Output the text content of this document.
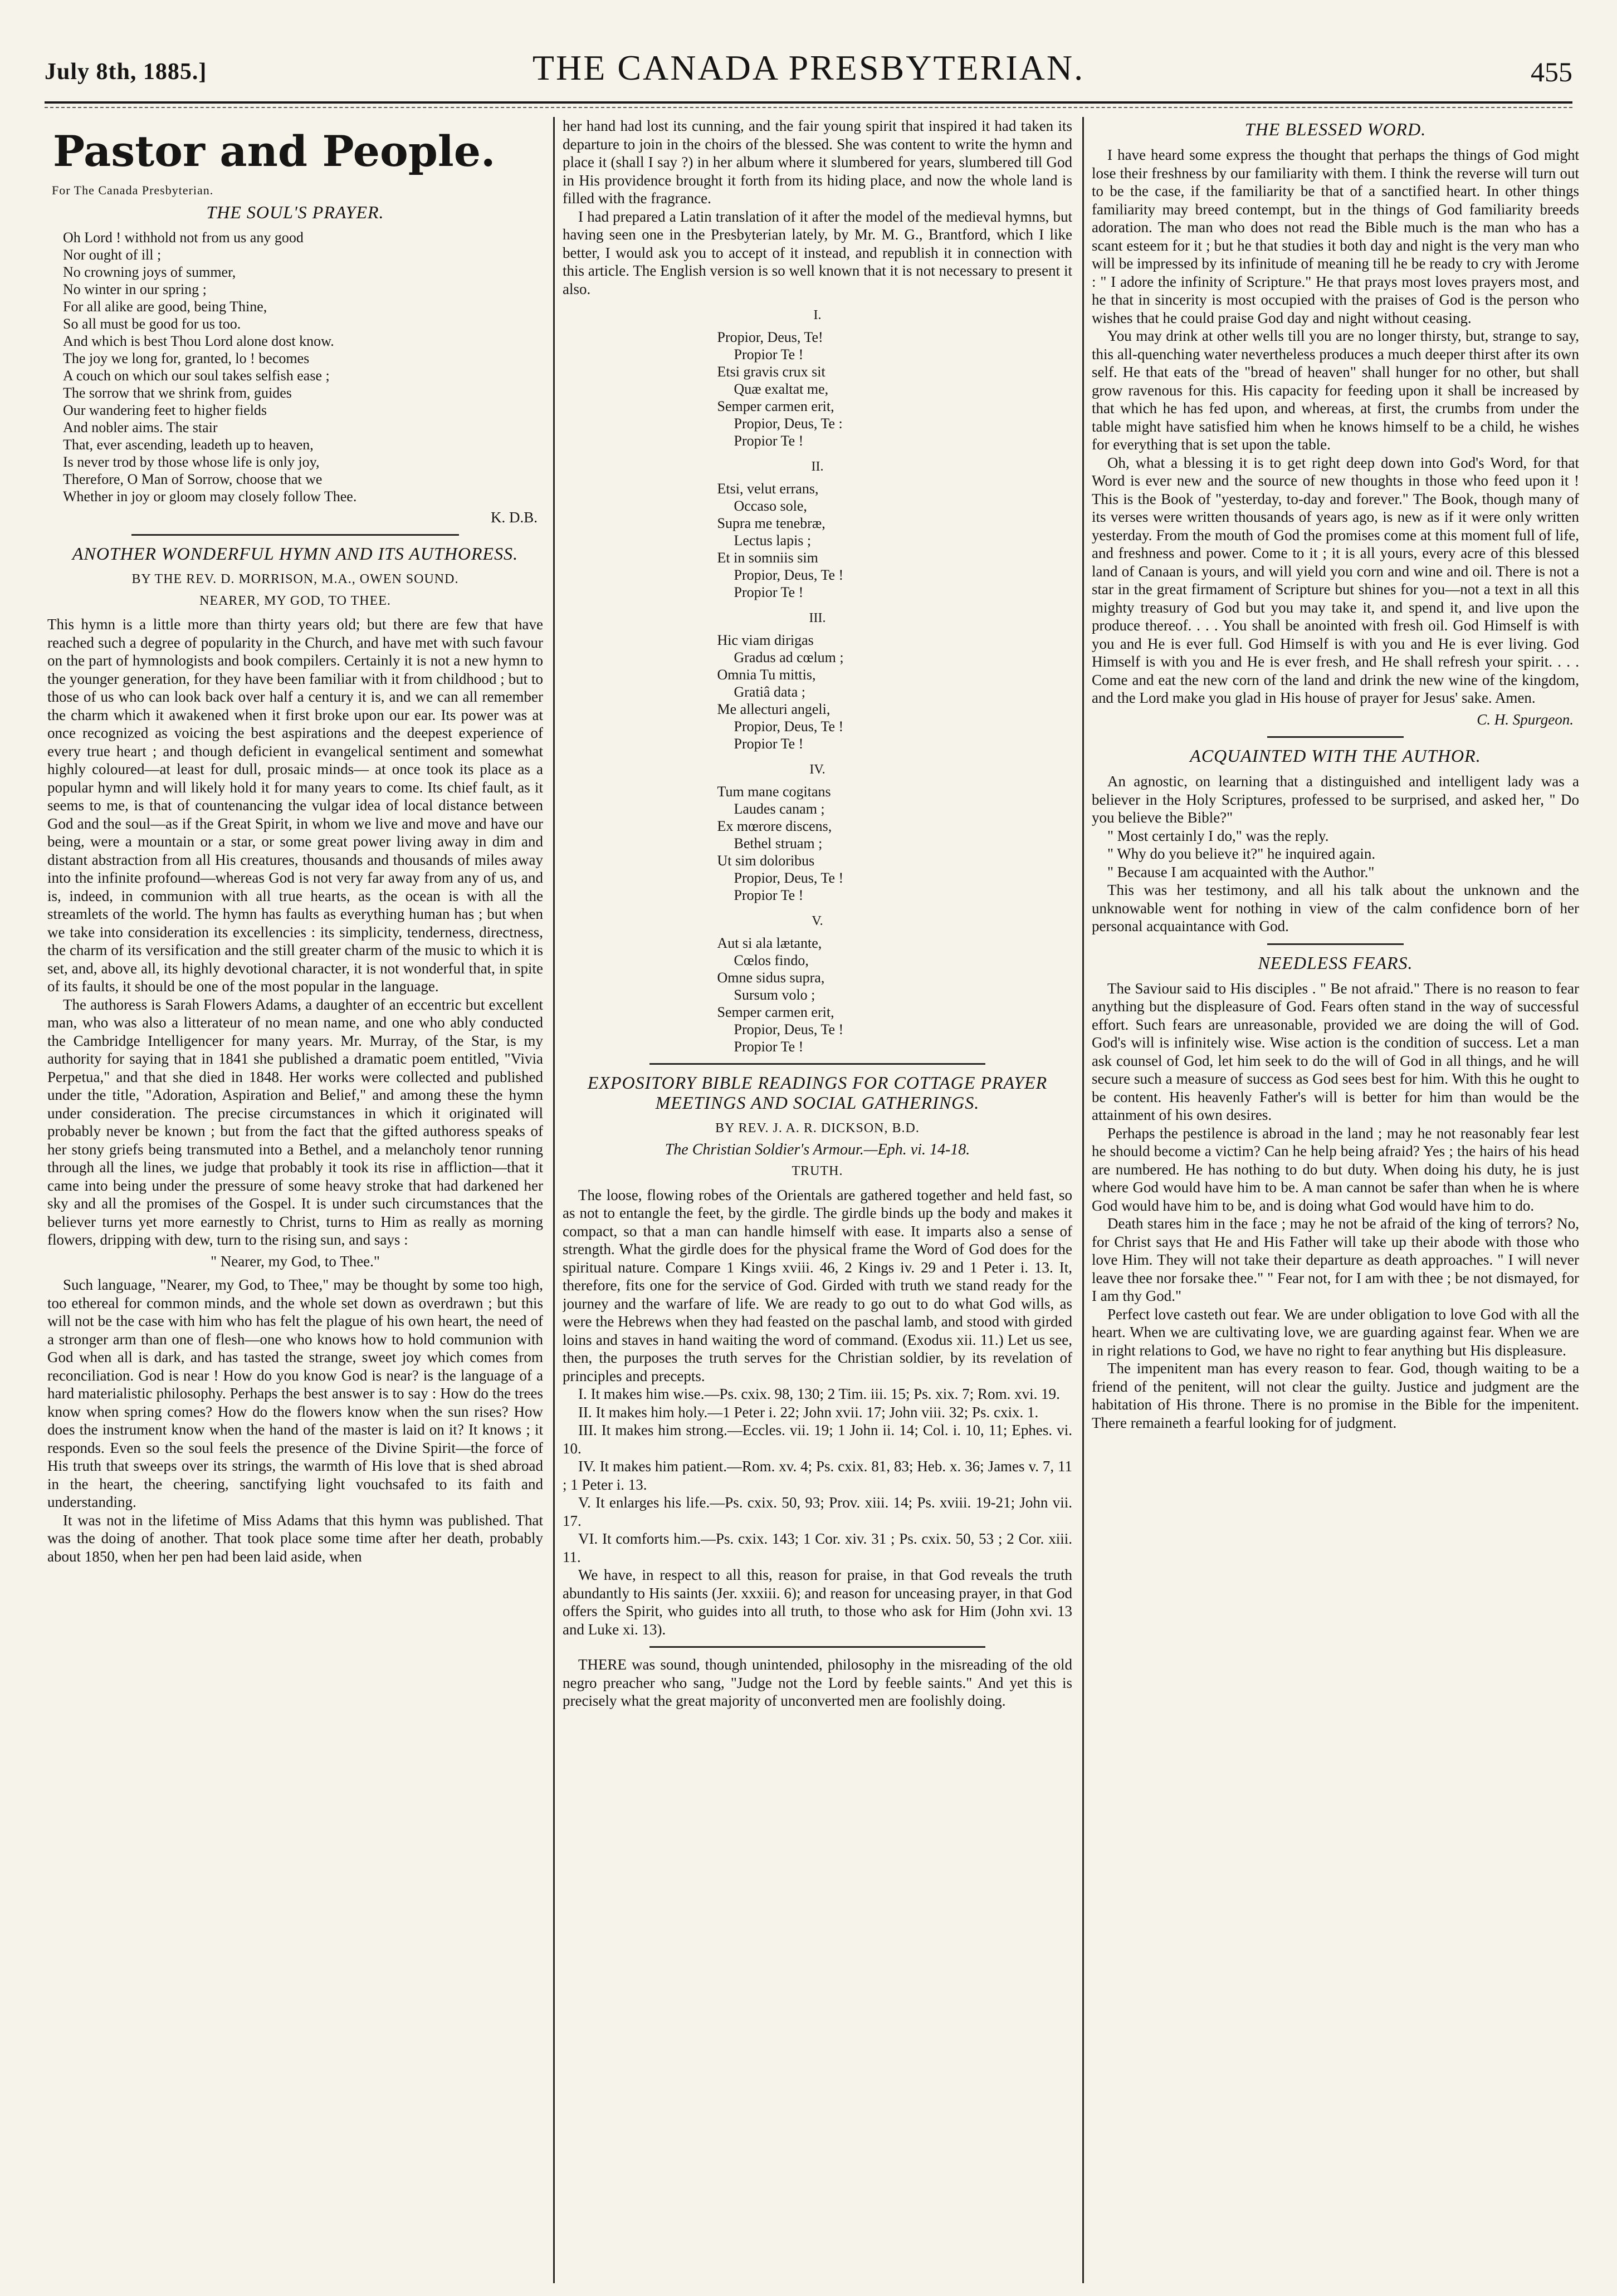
July 8th, 1885.]	THE CANADA PRESBYTERIAN.	455
Pastor and People.
For The Canada Presbyterian.
THE SOUL'S PRAYER.

Oh Lord ! withhold not from us any good

Nor ought of ill ;

No crowning joys of summer,

No winter in our spring ;

For all alike are good, being Thine,

So all must be good for us too.

And which is best Thou Lord alone dost know.

The joy we long for, granted, lo ! becomes

A couch on which our soul takes selfish ease ;

The sorrow that we shrink from, guides

Our wandering feet to higher fields

And nobler aims. The stair

That, ever ascending, leadeth up to heaven,

Is never trod by those whose life is only joy,

Therefore, O Man of Sorrow, choose that we

Whether in joy or gloom may closely follow Thee.

K. D.B.
ANOTHER WONDERFUL HYMN AND ITS AUTHORESS.
BY THE REV. D. MORRISON, M.A., OWEN SOUND.
NEARER, MY GOD, TO THEE.

This hymn is a little more than thirty years old; but there are few that have reached such a degree of popularity in the Church, and have met with such favour on the part of hymnologists and book compilers. Certainly it is not a new hymn to the younger generation, for they have been familiar with it from childhood ; but to those of us who can look back over half a century it is, and we can all remember the charm which it awakened when it first broke upon our ear. Its power was at once recognized as voicing the best aspirations and the deepest experience of every true heart ; and though deficient in evangelical sentiment and somewhat highly coloured—at least for dull, prosaic minds— at once took its place as a popular hymn and will likely hold it for many years to come. Its chief fault, as it seems to me, is that of countenancing the vulgar idea of local distance between God and the soul—as if the Great Spirit, in whom we live and move and have our being, were a mountain or a star, or some great power living away in dim and distant abstraction from all His creatures, thousands and thousands of miles away into the infinite profound—whereas God is not very far away from any of us, and is, indeed, in communion with all true hearts, as the ocean is with all the streamlets of the world. The hymn has faults as everything human has ; but when we take into consideration its excellencies : its simplicity, tenderness, directness, the charm of its versification and the still greater charm of the music to which it is set, and, above all, its highly devotional character, it is not wonderful that, in spite of its faults, it should be one of the most popular in the language.

The authoress is Sarah Flowers Adams, a daughter of an eccentric but excellent man, who was also a litterateur of no mean name, and one who ably conducted the Cambridge Intelligencer for many years. Mr. Murray, of the Star, is my authority for saying that in 1841 she published a dramatic poem entitled, "Vivia Perpetua," and that she died in 1848. Her works were collected and published under the title, "Adoration, Aspiration and Belief," and among these the hymn under consideration. The precise circumstances in which it originated will probably never be known ; but from the fact that the gifted authoress speaks of her stony griefs being transmuted into a Bethel, and a melancholy tenor running through all the lines, we judge that probably it took its rise in affliction—that it came into being under the pressure of some heavy stroke that had darkened her sky and all the promises of the Gospel. It is under such circumstances that the believer turns yet more earnestly to Christ, turns to Him as really as morning flowers, dripping with dew, turn to the rising sun, and says :

" Nearer, my God, to Thee."

Such language, "Nearer, my God, to Thee," may be thought by some too high, too ethereal for common minds, and the whole set down as overdrawn ; but this will not be the case with him who has felt the plague of his own heart, the need of a stronger arm than one of flesh—one who knows how to hold communion with God when all is dark, and has tasted the strange, sweet joy which comes from reconciliation. God is near ! How do you know God is near? is the language of a hard materialistic philosophy. Perhaps the best answer is to say : How do the trees know when spring comes? How do the flowers know when the sun rises? How does the instrument know when the hand of the master is laid on it? It knows ; it responds. Even so the soul feels the presence of the Divine Spirit—the force of His truth that sweeps over its strings, the warmth of His love that is shed abroad in the heart, the cheering, sanctifying light vouchsafed to its faith and understanding.

It was not in the lifetime of Miss Adams that this hymn was published. That was the doing of another. That took place some time after her death, probably about 1850, when her pen had been laid aside, when

her hand had lost its cunning, and the fair young spirit that inspired it had taken its departure to join in the choirs of the blessed. She was content to write the hymn and place it (shall I say ?) in her album where it slumbered for years, slumbered till God in His providence brought it forth from its hiding place, and now the whole land is filled with the fragrance.

I had prepared a Latin translation of it after the model of the medieval hymns, but having seen one in the Presbyterian lately, by Mr. M. G., Brantford, which I like better, I would ask you to accept of it instead, and republish it in connection with this article. The English version is so well known that it is not necessary to present it also.

I.

Propior, Deus, Te!

Propior Te !

Etsi gravis crux sit

Quæ exaltat me,

Semper carmen erit,

Propior, Deus, Te :

Propior Te !

II.

Etsi, velut errans,

Occaso sole,

Supra me tenebræ,

Lectus lapis ;

Et in somniis sim

Propior, Deus, Te !

Propior Te !

III.

Hic viam dirigas

Gradus ad cœlum ;

Omnia Tu mittis,

Gratiâ data ;

Me allecturi angeli,

Propior, Deus, Te !

Propior Te !

IV.

Tum mane cogitans

Laudes canam ;

Ex mœrore discens,

Bethel struam ;

Ut sim doloribus

Propior, Deus, Te !

Propior Te !

V.

Aut si ala lætante,

Cœlos findo,

Omne sidus supra,

Sursum volo ;

Semper carmen erit,

Propior, Deus, Te !

Propior Te !

EXPOSITORY BIBLE READINGS FOR COTTAGE PRAYER MEETINGS AND SOCIAL GATHERINGS.
BY REV. J. A. R. DICKSON, B.D.
The Christian Soldier's Armour.—Eph. vi. 14-18.
TRUTH.

The loose, flowing robes of the Orientals are gathered together and held fast, so as not to entangle the feet, by the girdle. The girdle binds up the body and makes it compact, so that a man can handle himself with ease. It imparts also a sense of strength. What the girdle does for the physical frame the Word of God does for the spiritual nature. Compare 1 Kings xviii. 46, 2 Kings iv. 29 and 1 Peter i. 13. It, therefore, fits one for the service of God. Girded with truth we stand ready for the journey and the warfare of life. We are ready to go out to do what God wills, as were the Hebrews when they had feasted on the paschal lamb, and stood with girded loins and staves in hand waiting the word of command. (Exodus xii. 11.) Let us see, then, the purposes the truth serves for the Christian soldier, by its revelation of principles and precepts.

I. It makes him wise.—Ps. cxix. 98, 130; 2 Tim. iii. 15; Ps. xix. 7; Rom. xvi. 19.

II. It makes him holy.—1 Peter i. 22; John xvii. 17; John viii. 32; Ps. cxix. 1.

III. It makes him strong.—Eccles. vii. 19; 1 John ii. 14; Col. i. 10, 11; Ephes. vi. 10.

IV. It makes him patient.—Rom. xv. 4; Ps. cxix. 81, 83; Heb. x. 36; James v. 7, 11 ; 1 Peter i. 13.

V. It enlarges his life.—Ps. cxix. 50, 93; Prov. xiii. 14; Ps. xviii. 19-21; John vii. 17.

VI. It comforts him.—Ps. cxix. 143; 1 Cor. xiv. 31 ; Ps. cxix. 50, 53 ; 2 Cor. xiii. 11.

We have, in respect to all this, reason for praise, in that God reveals the truth abundantly to His saints (Jer. xxxiii. 6); and reason for unceasing prayer, in that God offers the Spirit, who guides into all truth, to those who ask for Him (John xvi. 13 and Luke xi. 13).

THERE was sound, though unintended, philosophy in the misreading of the old negro preacher who sang, "Judge not the Lord by feeble saints." And yet this is precisely what the great majority of unconverted men are foolishly doing.

THE BLESSED WORD.

I have heard some express the thought that perhaps the things of God might lose their freshness by our familiarity with them. I think the reverse will turn out to be the case, if the familiarity be that of a sanctified heart. In other things familiarity may breed contempt, but in the things of God familiarity breeds adoration. The man who does not read the Bible much is the man who has a scant esteem for it ; but he that studies it both day and night is the very man who will be impressed by its infinitude of meaning till he be ready to cry with Jerome : " I adore the infinity of Scripture." He that prays most loves prayers most, and he that in sincerity is most occupied with the praises of God is the person who wishes that he could praise God day and night without ceasing.

You may drink at other wells till you are no longer thirsty, but, strange to say, this all-quenching water nevertheless produces a much deeper thirst after its own self. He that eats of the "bread of heaven" shall hunger for no other, but shall grow ravenous for this. His capacity for feeding upon it shall be increased by that which he has fed upon, and whereas, at first, the crumbs from under the table might have satisfied him when he knows himself to be a child, he wishes for everything that is set upon the table.

Oh, what a blessing it is to get right deep down into God's Word, for that Word is ever new and the source of new thoughts in those who feed upon it ! This is the Book of "yesterday, to-day and forever." The Book, though many of its verses were written thousands of years ago, is new as if it were only written yesterday. From the mouth of God the promises come at this moment full of life, and freshness and power. Come to it ; it is all yours, every acre of this blessed land of Canaan is yours, and will yield you corn and wine and oil. There is not a star in the great firmament of Scripture but shines for you—not a text in all this mighty treasury of God but you may take it, and spend it, and live upon the produce thereof. . . . You shall be anointed with fresh oil. God Himself is with you and He is ever full. God Himself is with you and He is ever living. God Himself is with you and He is ever fresh, and He shall refresh your spirit. . . . Come and eat the new corn of the land and drink the new wine of the kingdom, and the Lord make you glad in His house of prayer for Jesus' sake. Amen.

C. H. Spurgeon.
ACQUAINTED WITH THE AUTHOR.

An agnostic, on learning that a distinguished and intelligent lady was a believer in the Holy Scriptures, professed to be surprised, and asked her, " Do you believe the Bible?"

" Most certainly I do," was the reply.

" Why do you believe it?" he inquired again.

" Because I am acquainted with the Author."

This was her testimony, and all his talk about the unknown and the unknowable went for nothing in view of the calm confidence born of her personal acquaintance with God.

NEEDLESS FEARS.

The Saviour said to His disciples . " Be not afraid." There is no reason to fear anything but the displeasure of God. Fears often stand in the way of successful effort. Such fears are unreasonable, provided we are doing the will of God. God's will is infinitely wise. Wise action is the condition of success. Let a man ask counsel of God, let him seek to do the will of God in all things, and he will secure such a measure of success as God sees best for him. With this he ought to be content. His heavenly Father's will is better for him than would be the attainment of his own desires.

Perhaps the pestilence is abroad in the land ; may he not reasonably fear lest he should become a victim? Can he help being afraid? Yes ; the hairs of his head are numbered. He has nothing to do but duty. When doing his duty, he is just where God would have him to be. A man cannot be safer than when he is where God would have him to be, and is doing what God would have him to do.

Death stares him in the face ; may he not be afraid of the king of terrors? No, for Christ says that He and His Father will take up their abode with those who love Him. They will not take their departure as death approaches. " I will never leave thee nor forsake thee." " Fear not, for I am with thee ; be not dismayed, for I am thy God."

Perfect love casteth out fear. We are under obligation to love God with all the heart. When we are cultivating love, we are guarding against fear. When we are in right relations to God, we have no right to fear anything but His displeasure.

The impenitent man has every reason to fear. God, though waiting to be a friend of the penitent, will not clear the guilty. Justice and judgment are the habitation of His throne. There is no promise in the Bible for the impenitent. There remaineth a fearful looking for of judgment.
